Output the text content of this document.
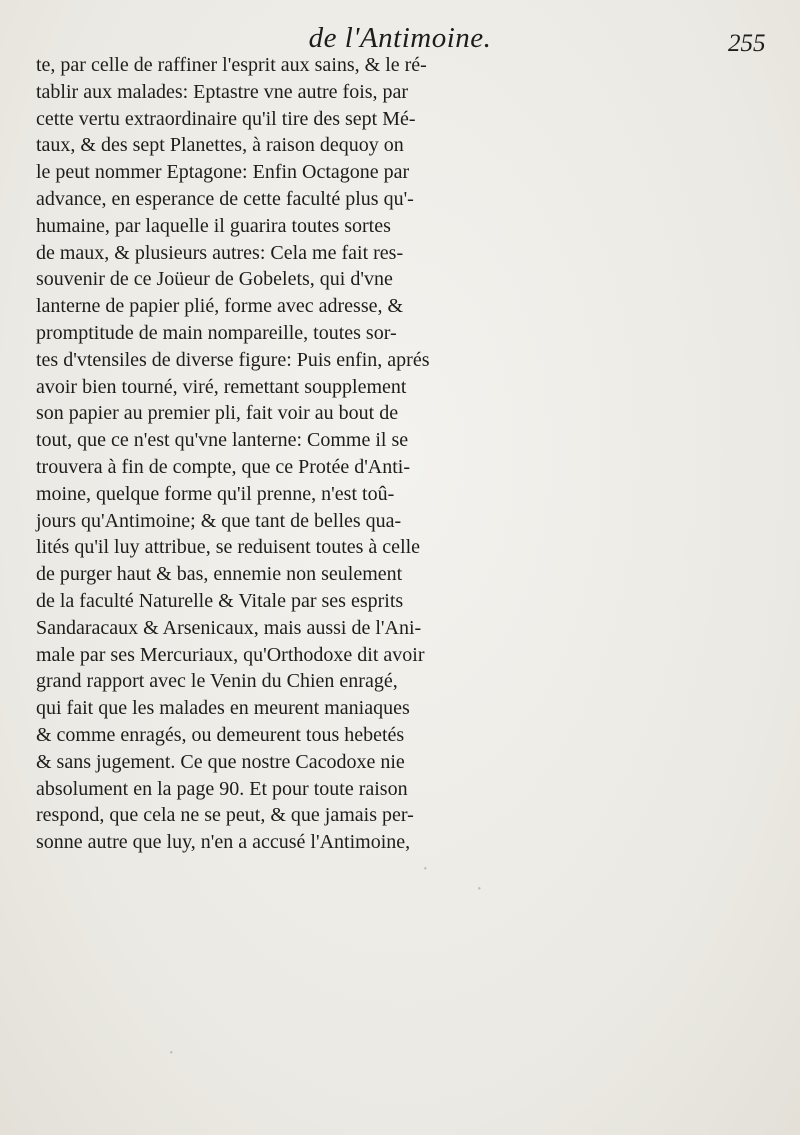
de l'Antimoine.	255
te, par celle de raffiner l'esprit aux sains, & le ré-
tablir aux malades: Eptastre vne autre fois, par
cette vertu extraordinaire qu'il tire des sept Mé-
taux, & des sept Planettes, à raison dequoy on
le peut nommer Eptagone: Enfin Octagone par
advance, en esperance de cette faculté plus qu'-
humaine, par laquelle il guarira toutes sortes
de maux, & plusieurs autres: Cela me fait res-
souvenir de ce Joüeur de Gobelets, qui d'vne
lanterne de papier plié, forme avec adresse, &
promptitude de main nompareille, toutes sor-
tes d'vtensiles de diverse figure: Puis enfin, aprés
avoir bien tourné, viré, remettant soupplement
son papier au premier pli, fait voir au bout de
tout, que ce n'est qu'vne lanterne: Comme il se
trouvera à fin de compte, que ce Protée d'Anti-
moine, quelque forme qu'il prenne, n'est toû-
jours qu'Antimoine; & que tant de belles qua-
lités qu'il luy attribue, se reduisent toutes à celle
de purger haut & bas, ennemie non seulement
de la faculté Naturelle & Vitale par ses esprits
Sandaracaux & Arsenicaux, mais aussi de l'Ani-
male par ses Mercuriaux, qu'Orthodoxe dit avoir
grand rapport avec le Venin du Chien enragé,
qui fait que les malades en meurent maniaques
& comme enragés, ou demeurent tous hebetés
& sans jugement. Ce que nostre Cacodoxe nie
absolument en la page 90. Et pour toute raison
respond, que cela ne se peut, & que jamais per-
sonne autre que luy, n'en a accusé l'Antimoine,
·
·
·
